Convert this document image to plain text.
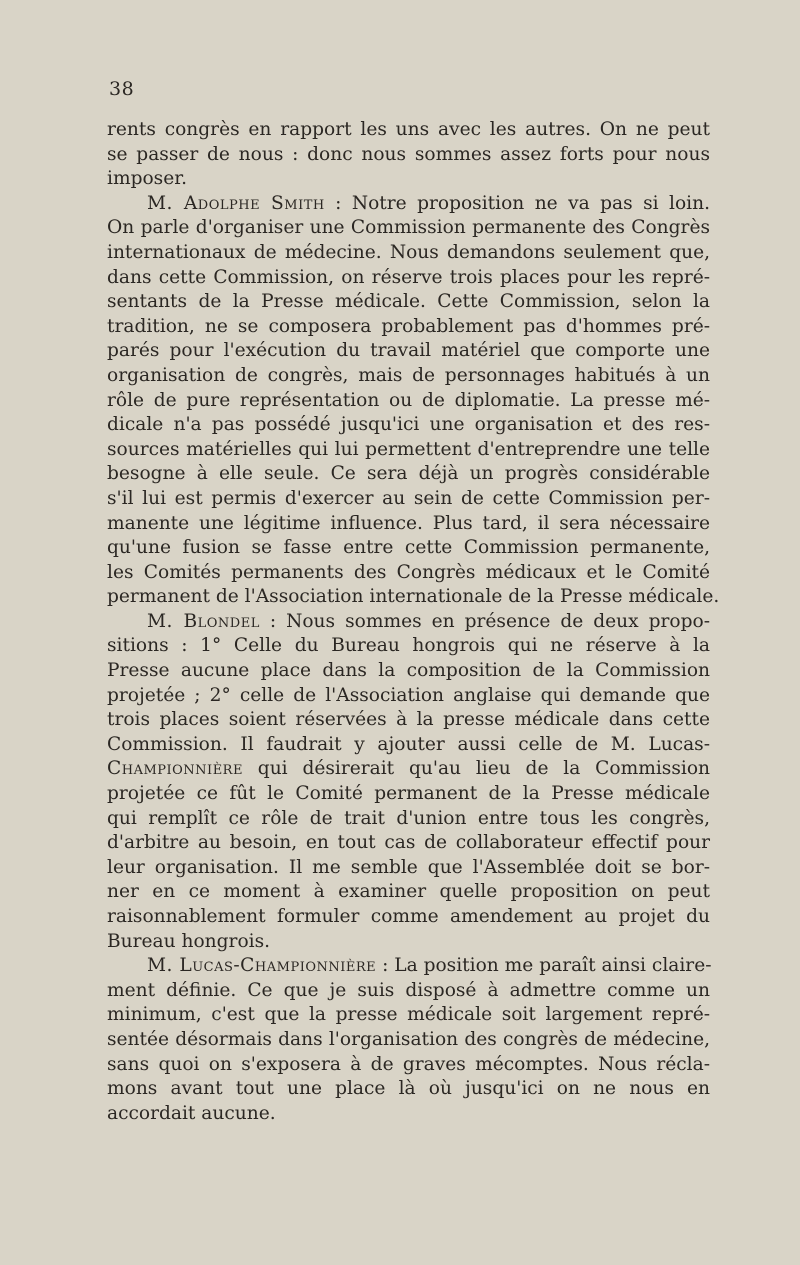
38
rents congrès en rapport les uns avec les autres. On ne peut
se passer de nous : donc nous sommes assez forts pour nous
imposer.
M. Adolphe Smith : Notre proposition ne va pas si loin.
On parle d'organiser une Commission permanente des Congrès
internationaux de médecine. Nous demandons seulement que,
dans cette Commission, on réserve trois places pour les repré-
sentants de la Presse médicale. Cette Commission, selon la
tradition, ne se composera probablement pas d'hommes pré-
parés pour l'exécution du travail matériel que comporte une
organisation de congrès, mais de personnages habitués à un
rôle de pure représentation ou de diplomatie. La presse mé-
dicale n'a pas possédé jusqu'ici une organisation et des res-
sources matérielles qui lui permettent d'entreprendre une telle
besogne à elle seule. Ce sera déjà un progrès considérable
s'il lui est permis d'exercer au sein de cette Commission per-
manente une légitime influence. Plus tard, il sera nécessaire
qu'une fusion se fasse entre cette Commission permanente,
les Comités permanents des Congrès médicaux et le Comité
permanent de l'Association internationale de la Presse médicale.
M. Blondel : Nous sommes en présence de deux propo-
sitions : 1° Celle du Bureau hongrois qui ne réserve à la
Presse aucune place dans la composition de la Commission
projetée ; 2° celle de l'Association anglaise qui demande que
trois places soient réservées à la presse médicale dans cette
Commission. Il faudrait y ajouter aussi celle de M. Lucas-
Championnière qui désirerait qu'au lieu de la Commission
projetée ce fût le Comité permanent de la Presse médicale
qui remplît ce rôle de trait d'union entre tous les congrès,
d'arbitre au besoin, en tout cas de collaborateur effectif pour
leur organisation. Il me semble que l'Assemblée doit se bor-
ner en ce moment à examiner quelle proposition on peut
raisonnablement formuler comme amendement au projet du
Bureau hongrois.
M. Lucas-Championnière : La position me paraît ainsi claire-
ment définie. Ce que je suis disposé à admettre comme un
minimum, c'est que la presse médicale soit largement repré-
sentée désormais dans l'organisation des congrès de médecine,
sans quoi on s'exposera à de graves mécomptes. Nous récla-
mons avant tout une place là où jusqu'ici on ne nous en
accordait aucune.
